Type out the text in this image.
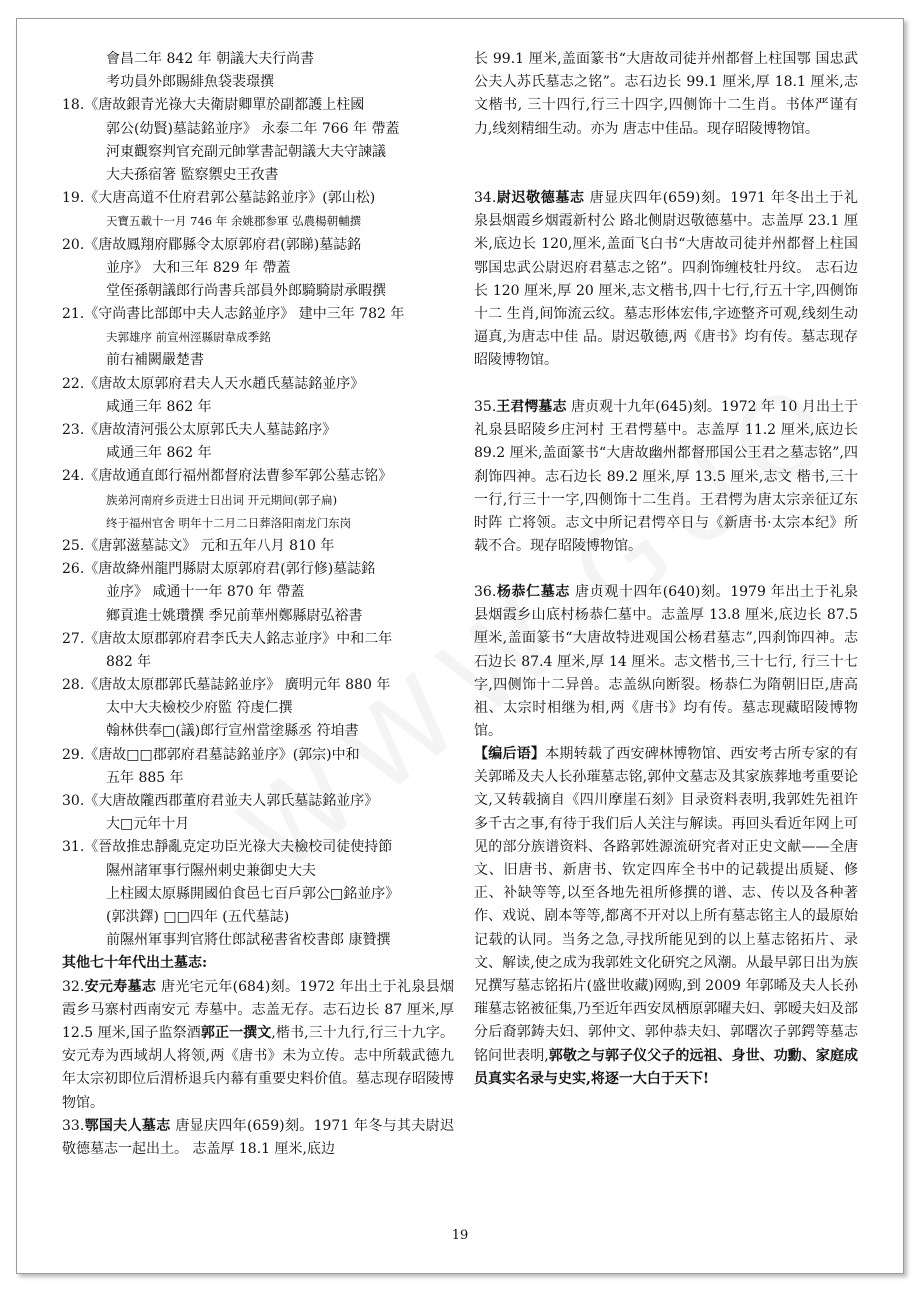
會昌二年 842 年 朝議大夫行尚書
考功員外郎賜緋魚袋裴璟撰
18.《唐故銀青光祿大夫衛尉卿單於副都護上柱國
郭公(幼賢)墓誌銘並序》 永泰二年 766 年 帶蓋
河東觀察判官充副元帥掌書記朝議大夫守諫議
大夫孫宿箸 監察禦史王孜書
19.《大唐高道不仕府君郭公墓誌銘並序》(郭山松)
天寶五載十一月 746 年 余姚郡参軍 弘農楊朝輔撰
20.《唐故鳳翔府郿縣令太原郭府君(郭睇)墓誌銘
並序》 大和三年 829 年 帶蓋
堂侄孫朝議郎行尚書兵部員外郎騎騎尉承暇撰
21.《守尚書比部郎中夫人志銘並序》 建中三年 782 年
夫郭雄序 前宣州涇縣尉韋成季銘
前右補闕嚴楚書
22.《唐故太原郭府君夫人天水趙氏墓誌銘並序》
咸通三年 862 年
23.《唐故清河張公太原郭氏夫人墓誌銘序》
咸通三年 862 年
24.《唐故通直郎行福州都督府法曹参军郭公墓志铭》
族弟河南府乡贡进士日出词 开元期间(郭子扁)
终于福州官舍 明年十二月二日葬洛阳南龙门东岗
25.《唐郭滋墓誌文》 元和五年八月 810 年
26.《唐故絳州龍門縣尉太原郭府君(郭行修)墓誌銘
並序》 咸通十一年 870 年 帶蓋
鄉貢進士姚瓚撰 季兄前華州鄭縣尉弘裕書
27.《唐故太原郡郭府君李氏夫人銘志並序》中和二年
882 年
28.《唐故太原郡郭氏墓誌銘並序》 廣明元年 880 年
太中大夫檢校少府監 符虔仁撰
翰林供奉□(議)郎行宣州當塗縣丞 符垍書
29.《唐故□□郡郭府君墓誌銘並序》(郭宗)中和
五年 885 年
30.《大唐故隴西郡董府君並夫人郭氏墓誌銘並序》
大□元年十月
31.《晉故推忠靜亂克定功臣光祿大夫檢校司徒使持節
隰州諸軍事行隰州刺史兼御史大夫
上柱國太原縣開國伯食邑七百戶郭公□銘並序》
(郭洪鐸) □□四年 (五代墓誌)
前隰州軍事判官將仕郎試秘書省校書郎 康贊撰
其他七十年代出土墓志:
32.安元寿墓志 唐光宅元年(684)刻。1972 年出土于礼泉县烟霞乡马寨村西南安元 寿墓中。志盖无存。志石边长 87 厘米,厚 12.5 厘米,国子监祭酒郭正一撰文,楷书,三十九行,行三十九字。安元寿为西域胡人将领,两《唐书》未为立传。志中所载武德九年太宗初即位后渭桥退兵内幕有重要史料价值。墓志现存昭陵博物馆。
33.鄂国夫人墓志 唐显庆四年(659)刻。1971 年冬与其夫尉迟敬德墓志一起出土。 志盖厚 18.1 厘米,底边
长 99.1 厘米,盖面篆书“大唐故司徒并州都督上柱国鄂 国忠武公夫人苏氏墓志之铭”。志石边长 99.1 厘米,厚 18.1 厘米,志文楷书, 三十四行,行三十四字,四侧饰十二生肖。书体严谨有力,线刻精细生动。亦为 唐志中佳品。现存昭陵博物馆。
34.尉迟敬德墓志 唐显庆四年(659)刻。1971 年冬出土于礼泉县烟霞乡烟霞新村公 路北侧尉迟敬德墓中。志盖厚 23.1 厘米,底边长 120,厘米,盖面飞白书“大唐故司徒并州都督上柱国鄂国忠武公尉迟府君墓志之铭”。四刹饰缠枝牡丹纹。 志石边长 120 厘米,厚 20 厘米,志文楷书,四十七行,行五十字,四侧饰十二 生肖,间饰流云纹。墓志形体宏伟,字迹整齐可观,线刻生动逼真,为唐志中佳 品。尉迟敬德,两《唐书》均有传。墓志现存昭陵博物馆。
35.王君愕墓志 唐贞观十九年(645)刻。1972 年 10 月出土于礼泉县昭陵乡庄河村 王君愕墓中。志盖厚 11.2 厘米,底边长 89.2 厘米,盖面篆书“大唐故幽州都督邢国公王君之墓志铭”,四刹饰四神。志石边长 89.2 厘米,厚 13.5 厘米,志文 楷书,三十一行,行三十一字,四侧饰十二生肖。王君愕为唐太宗亲征辽东时阵 亡将领。志文中所记君愕卒日与《新唐书·太宗本纪》所载不合。现存昭陵博物馆。
36.杨恭仁墓志 唐贞观十四年(640)刻。1979 年出土于礼泉县烟霞乡山底村杨恭仁墓中。志盖厚 13.8 厘米,底边长 87.5 厘米,盖面篆书“大唐故特进观国公杨君墓志”,四刹饰四神。志石边长 87.4 厘米,厚 14 厘米。志文楷书,三十七行, 行三十七字,四侧饰十二异兽。志盖纵向断裂。杨恭仁为隋朝旧臣,唐高祖、太宗时相继为相,两《唐书》均有传。墓志现藏昭陵博物馆。
【编后语】本期转载了西安碑林博物馆、西安考古所专家的有关郭晞及夫人长孙璀墓志铭,郭仲文墓志及其家族葬地考重要论文,又转载摘自《四川摩崖石刻》目录资料表明,我郭姓先祖许多千古之事,有待于我们后人关注与解读。再回头看近年网上可见的部分族谱资料、各路郭姓源流研究者对正史文献——全唐文、旧唐书、新唐书、钦定四库全书中的记载提出质疑、修正、补缺等等,以至各地先祖所修撰的谱、志、传以及各种著作、戏说、剧本等等,都离不开对以上所有墓志铭主人的最原始记载的认同。当务之急,寻找所能见到的以上墓志铭拓片、录文、解读,使之成为我郭姓文化研究之风潮。从最早郭日出为族兄撰写墓志铭拓片(盛世收藏)网购,到 2009 年郭晞及夫人长孙璀墓志铭被征集,乃至近年西安凤栖原郭曜夫妇、郭暧夫妇及部分后裔郭鋳夫妇、郭仲文、郭仲恭夫妇、郭曙次子郭鍔等墓志铭问世表明,郭敬之与郭子仪父子的远祖、身世、功勳、家庭成员真实名录与史实,将逐一大白于天下!
19
